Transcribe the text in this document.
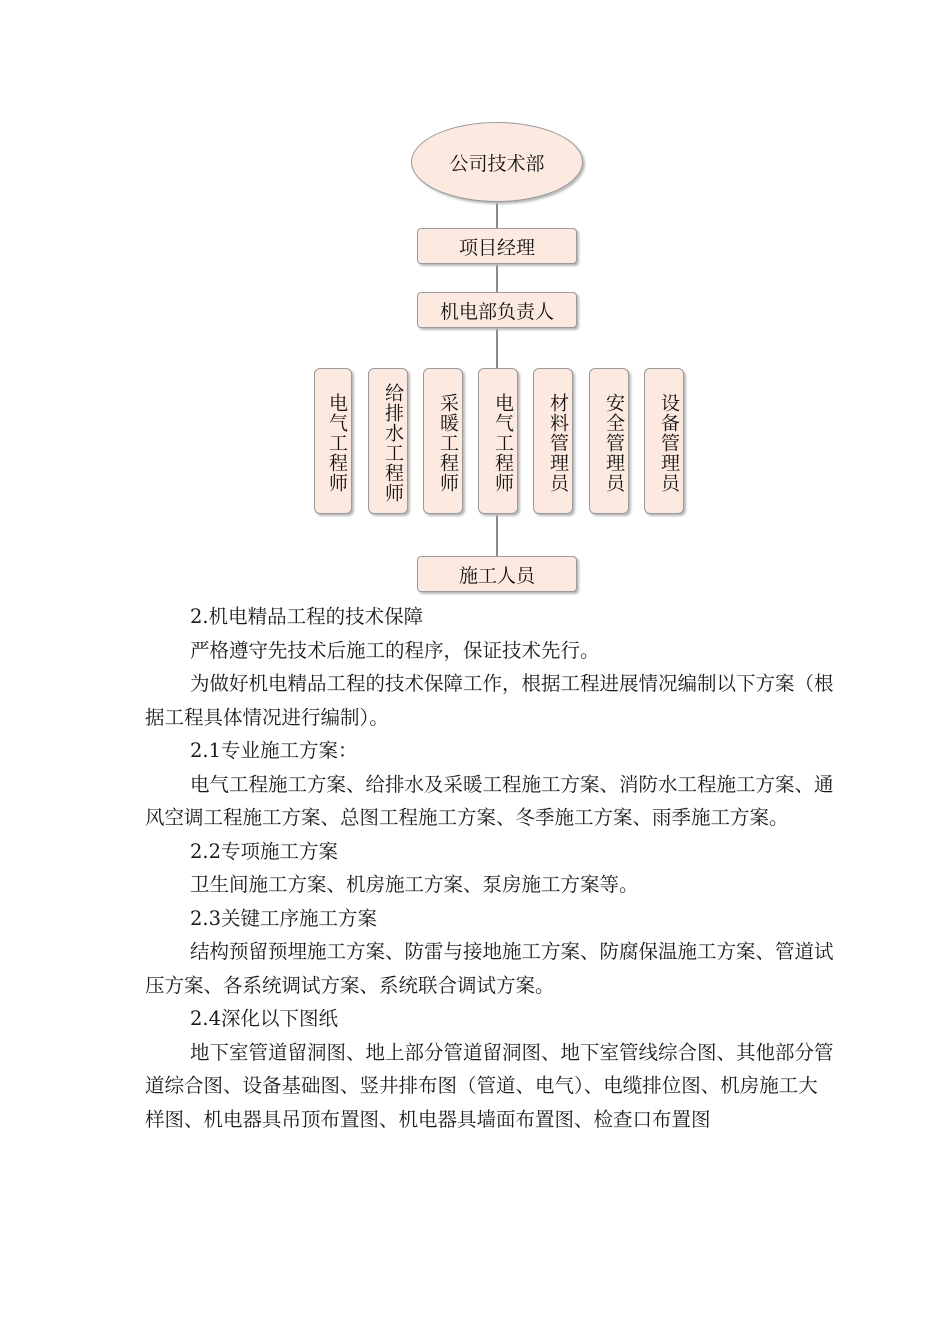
公司技术部
项目经理
机电部负责人
电气工程师 给排水工程师 采暖工程师 电气工程师 材料管理员 安全管理员 设备管理员
施工人员

2.机电精品工程的技术保障

严格遵守先技术后施工的程序，保证技术先行。

为做好机电精品工程的技术保障工作，根据工程进展情况编制以下方案（根据工程具体情况进行编制）。

2.1专业施工方案：

电气工程施工方案、给排水及采暖工程施工方案、消防水工程施工方案、通风空调工程施工方案、总图工程施工方案、冬季施工方案、雨季施工方案。

2.2专项施工方案

卫生间施工方案、机房施工方案、泵房施工方案等。

2.3关键工序施工方案

结构预留预埋施工方案、防雷与接地施工方案、防腐保温施工方案、管道试压方案、各系统调试方案、系统联合调试方案。

2.4深化以下图纸

地下室管道留洞图、地上部分管道留洞图、地下室管线综合图、其他部分管道综合图、设备基础图、竖井排布图（管道、电气）、电缆排位图、机房施工大样图、机电器具吊顶布置图、机电器具墙面布置图、检查口布置图
